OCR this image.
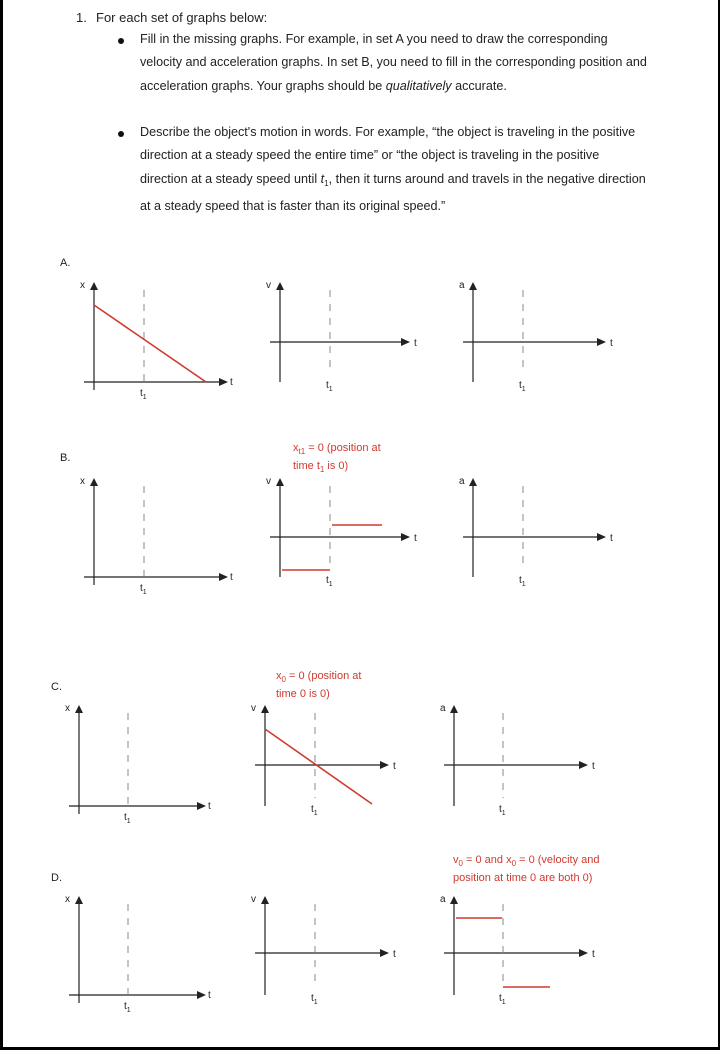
1. For each set of graphs below:
Fill in the missing graphs. For example, in set A you need to draw the corresponding velocity and acceleration graphs. In set B, you need to fill in the corresponding position and acceleration graphs. Your graphs should be qualitatively accurate.
Describe the object's motion in words. For example, “the object is traveling in the positive direction at a steady speed the entire time” or “the object is traveling in the positive direction at a steady speed until $t_1$, then it turns around and travels in the negative direction at a steady speed that is faster than its original speed.”
A.
B.
C.
D.
$x_{t1} = 0$ (position at
time $t_1$ is 0)
$x_0 = 0$ (position at
time 0 is 0)
$v_0 = 0$ and $x_0 = 0$ (velocity and
position at time 0 are both 0)
t
x
$t_1$
t
v
$t_1$
t
a
$t_1$
t
x
$t_1$
t
v
$t_1$
t
a
$t_1$
t
x
$t_1$
t
v
$t_1$
t
a
$t_1$
t
x
$t_1$
t
v
$t_1$
t
a
$t_1$
